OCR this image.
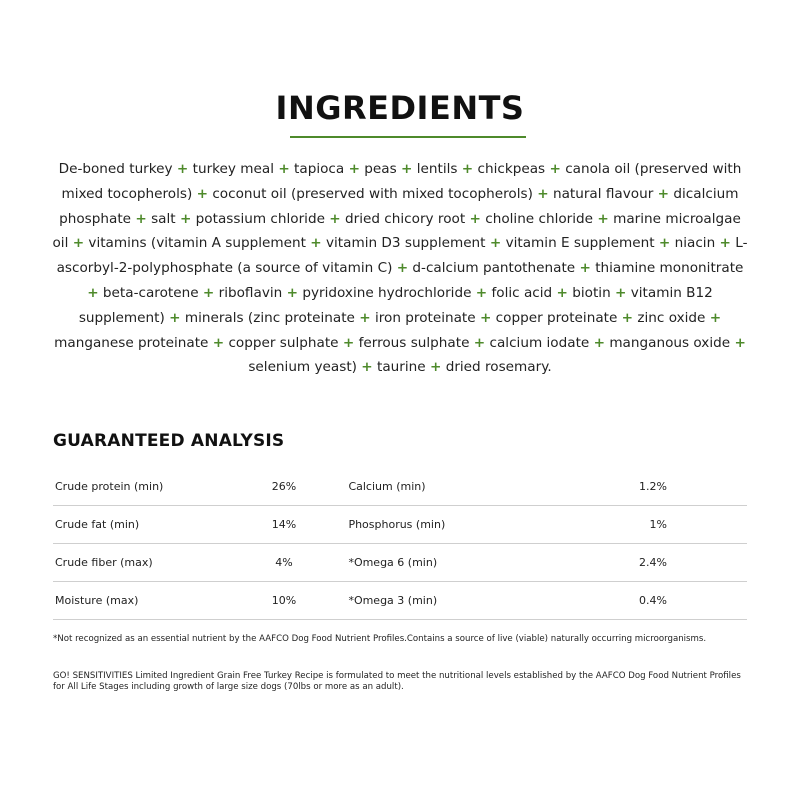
INGREDIENTS
De-boned turkey + turkey meal + tapioca + peas + lentils + chickpeas + canola oil (preserved with mixed tocopherols) + coconut oil (preserved with mixed tocopherols) + natural flavour + dicalcium phosphate + salt + potassium chloride + dried chicory root + choline chloride + marine microalgae oil + vitamins (vitamin A supplement + vitamin D3 supplement + vitamin E supplement + niacin + L-ascorbyl-2-polyphosphate (a source of vitamin C) + d-calcium pantothenate + thiamine mononitrate + beta-carotene + riboflavin + pyridoxine hydrochloride + folic acid + biotin + vitamin B12 supplement) + minerals (zinc proteinate + iron proteinate + copper proteinate + zinc oxide + manganese proteinate + copper sulphate + ferrous sulphate + calcium iodate + manganous oxide + selenium yeast) + taurine + dried rosemary.
GUARANTEED ANALYSIS
Crude protein (min)	26%		Calcium (min)	1.2%
Crude fat (min)	14%		Phosphorus (min)	1%
Crude fiber (max)	4%		*Omega 6 (min)	2.4%
Moisture (max)	10%		*Omega 3 (min)	0.4%
*Not recognized as an essential nutrient by the AAFCO Dog Food Nutrient Profiles.Contains a source of live (viable) naturally occurring microorganisms.
GO! SENSITIVITIES Limited Ingredient Grain Free Turkey Recipe is formulated to meet the nutritional levels established by the AAFCO Dog Food Nutrient Profiles for All Life Stages including growth of large size dogs (70lbs or more as an adult).
